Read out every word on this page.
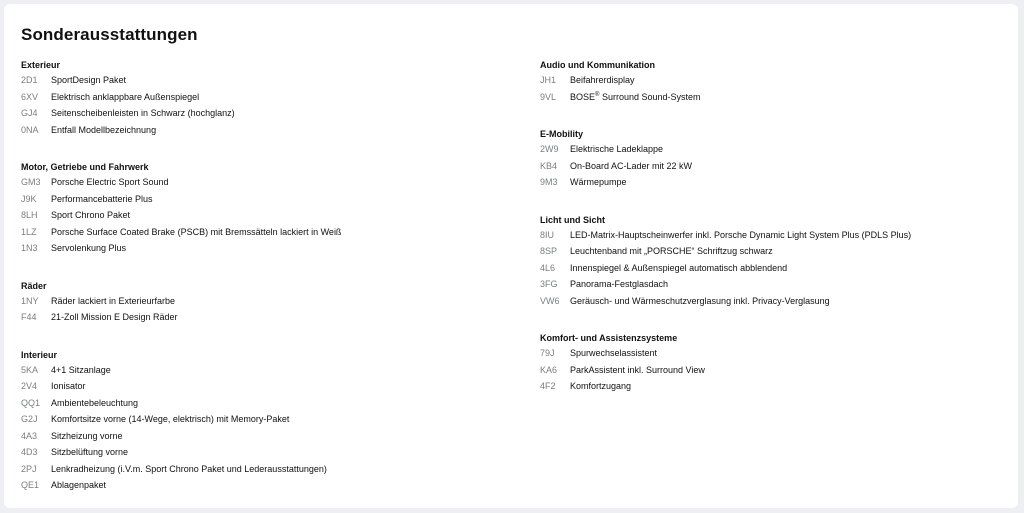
Sonderausstattungen
Exterieur
2D1	SportDesign Paket
6XV	Elektrisch anklappbare Außenspiegel
GJ4	Seitenscheibenleisten in Schwarz (hochglanz)
0NA	Entfall Modellbezeichnung
Motor, Getriebe und Fahrwerk
GM3	Porsche Electric Sport Sound
J9K	Performancebatterie Plus
8LH	Sport Chrono Paket
1LZ	Porsche Surface Coated Brake (PSCB) mit Bremssätteln lackiert in Weiß
1N3	Servolenkung Plus
Räder
1NY	Räder lackiert in Exterieurfarbe
F44	21-Zoll Mission E Design Räder
Interieur
5KA	4+1 Sitzanlage
2V4	Ionisator
QQ1	Ambientebeleuchtung
G2J	Komfortsitze vorne (14-Wege, elektrisch) mit Memory-Paket
4A3	Sitzheizung vorne
4D3	Sitzbelüftung vorne
2PJ	Lenkradheizung (i.V.m. Sport Chrono Paket und Lederausstattungen)
QE1	Ablagenpaket
Audio und Kommunikation
JH1	Beifahrerdisplay
9VL	BOSE® Surround Sound-System
E-Mobility
2W9	Elektrische Ladeklappe
KB4	On-Board AC-Lader mit 22 kW
9M3	Wärmepumpe
Licht und Sicht
8IU	LED-Matrix-Hauptscheinwerfer inkl. Porsche Dynamic Light System Plus (PDLS Plus)
8SP	Leuchtenband mit „PORSCHE“ Schriftzug schwarz
4L6	Innenspiegel & Außenspiegel automatisch abblendend
3FG	Panorama-Festglasdach
VW6	Geräusch- und Wärmeschutzverglasung inkl. Privacy-Verglasung
Komfort- und Assistenzsysteme
79J	Spurwechselassistent
KA6	ParkAssistent inkl. Surround View
4F2	Komfortzugang
